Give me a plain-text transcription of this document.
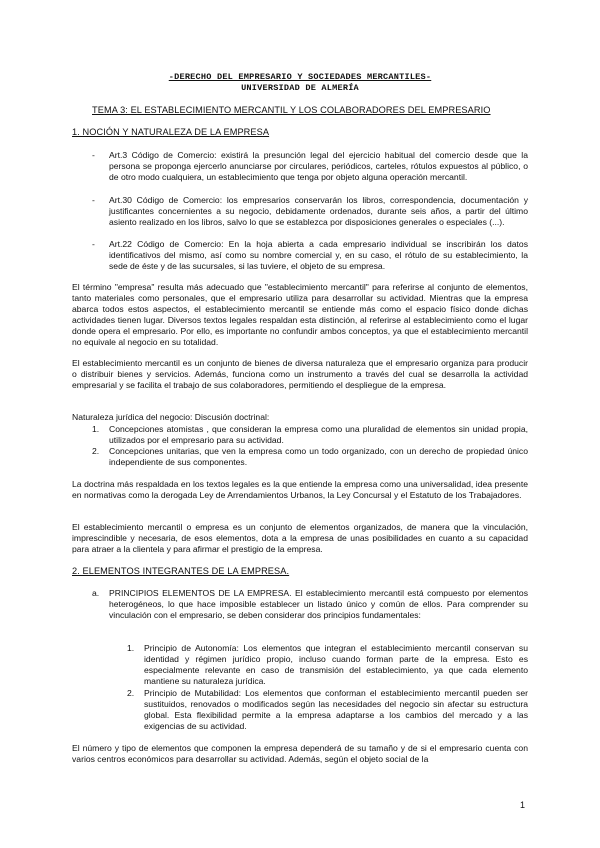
-DERECHO DEL EMPRESARIO Y SOCIEDADES MERCANTILES-
UNIVERSIDAD DE ALMERÍA
TEMA 3: EL ESTABLECIMIENTO MERCANTIL Y LOS COLABORADORES DEL EMPRESARIO
1. NOCIÓN Y NATURALEZA DE LA EMPRESA
- Art.3 Código de Comercio: existirá la presunción legal del ejercicio habitual del comercio desde que la persona se proponga ejercerlo anunciarse por circulares, periódicos, carteles, rótulos expuestos al público, o de otro modo cualquiera, un establecimiento que tenga por objeto alguna operación mercantil.

- Art.30 Código de Comercio: los empresarios conservarán los libros, correspondencia, documentación y justificantes concernientes a su negocio, debidamente ordenados, durante seis años, a partir del último asiento realizado en los libros, salvo lo que se establezca por disposiciones generales o especiales (...).

- Art.22 Código de Comercio: En la hoja abierta a cada empresario individual se inscribirán los datos identificativos del mismo, así como su nombre comercial y, en su caso, el rótulo de su establecimiento, la sede de éste y de las sucursales, si las tuviere, el objeto de su empresa.

El término "empresa" resulta más adecuado que "establecimiento mercantil" para referirse al conjunto de elementos, tanto materiales como personales, que el empresario utiliza para desarrollar su actividad. Mientras que la empresa abarca todos estos aspectos, el establecimiento mercantil se entiende más como el espacio físico donde dichas actividades tienen lugar. Diversos textos legales respaldan esta distinción, al referirse al establecimiento como el lugar donde opera el empresario. Por ello, es importante no confundir ambos conceptos, ya que el establecimiento mercantil no equivale al negocio en su totalidad.

El establecimiento mercantil es un conjunto de bienes de diversa naturaleza que el empresario organiza para producir o distribuir bienes y servicios. Además, funciona como un instrumento a través del cual se desarrolla la actividad empresarial y se facilita el trabajo de sus colaboradores, permitiendo el despliegue de la empresa.

Naturaleza jurídica del negocio: Discusión doctrinal:

1. Concepciones atomistas , que consideran la empresa como una pluralidad de elementos sin unidad propia, utilizados por el empresario para su actividad.

2. Concepciones unitarias, que ven la empresa como un todo organizado, con un derecho de propiedad único independiente de sus componentes.

La doctrina más respaldada en los textos legales es la que entiende la empresa como una universalidad, idea presente en normativas como la derogada Ley de Arrendamientos Urbanos, la Ley Concursal y el Estatuto de los Trabajadores.

El establecimiento mercantil o empresa es un conjunto de elementos organizados, de manera que la vinculación, imprescindible y necesaria, de esos elementos, dota a la empresa de unas posibilidades en cuanto a su capacidad para atraer a la clientela y para afirmar el prestigio de la empresa.

2. ELEMENTOS INTEGRANTES DE LA EMPRESA.
a. PRINCIPIOS ELEMENTOS DE LA EMPRESA. El establecimiento mercantil está compuesto por elementos heterogéneos, lo que hace imposible establecer un listado único y común de ellos. Para comprender su vinculación con el empresario, se deben considerar dos principios fundamentales:

1. Principio de Autonomía: Los elementos que integran el establecimiento mercantil conservan su identidad y régimen jurídico propio, incluso cuando forman parte de la empresa. Esto es especialmente relevante en caso de transmisión del establecimiento, ya que cada elemento mantiene su naturaleza jurídica.

2. Principio de Mutabilidad: Los elementos que conforman el establecimiento mercantil pueden ser sustituidos, renovados o modificados según las necesidades del negocio sin afectar su estructura global. Esta flexibilidad permite a la empresa adaptarse a los cambios del mercado y a las exigencias de su actividad.

El número y tipo de elementos que componen la empresa dependerá de su tamaño y de si el empresario cuenta con varios centros económicos para desarrollar su actividad. Además, según el objeto social de la

1
